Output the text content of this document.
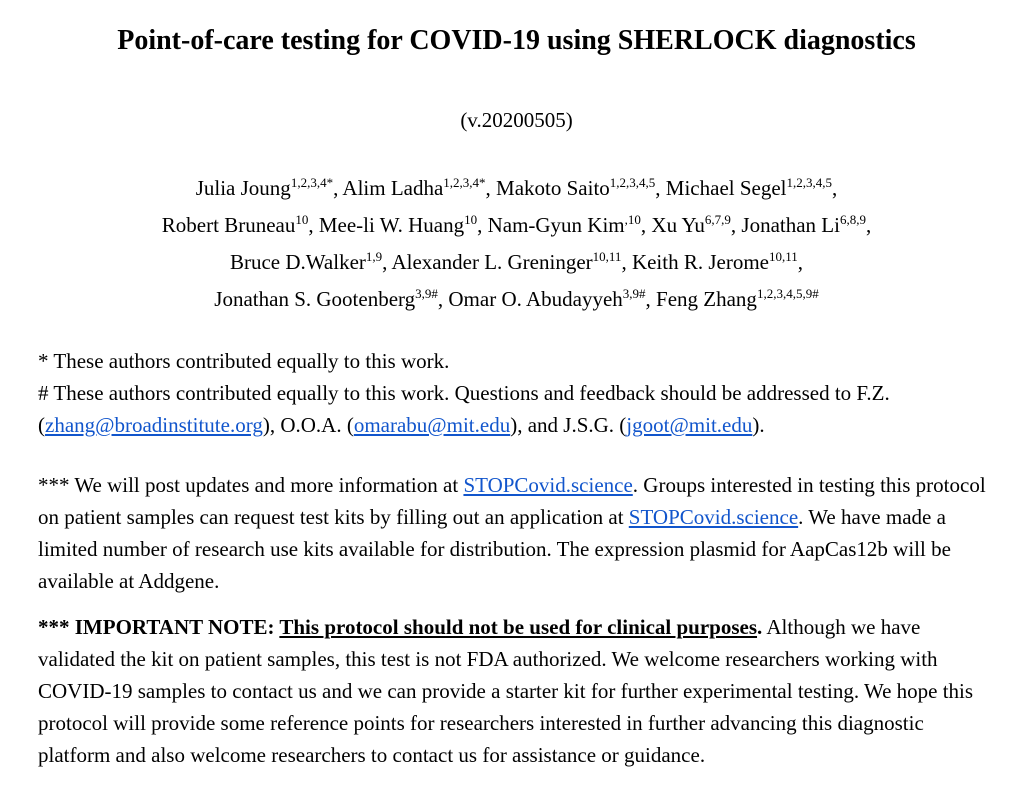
Point-of-care testing for COVID-19 using SHERLOCK diagnostics
(v.20200505)
Julia Joung$^{1,2,3,4*}$, Alim Ladha$^{1,2,3,4*}$, Makoto Saito$^{1,2,3,4,5}$, Michael Segel$^{1,2,3,4,5}$,
Robert Bruneau$^{10}$, Mee-li W. Huang$^{10}$, Nam-Gyun Kim$^{,10}$, Xu Yu$^{6,7,9}$, Jonathan Li$^{6,8,9}$,
Bruce D.Walker$^{1,9}$, Alexander L. Greninger$^{10,11}$, Keith R. Jerome$^{10,11}$,
Jonathan S. Gootenberg$^{3,9\#}$, Omar O. Abudayyeh$^{3,9\#}$, Feng Zhang$^{1,2,3,4,5,9\#}$

* These authors contributed equally to this work.

# These authors contributed equally to this work. Questions and feedback should be addressed to F.Z. (zhang@broadinstitute.org), O.O.A. (omarabu@mit.edu), and J.S.G. (jgoot@mit.edu).

*** We will post updates and more information at STOPCovid.science. Groups interested in testing this protocol on patient samples can request test kits by filling out an application at STOPCovid.science. We have made a limited number of research use kits available for distribution. The expression plasmid for AapCas12b will be available at Addgene.

*** IMPORTANT NOTE: This protocol should not be used for clinical purposes. Although we have validated the kit on patient samples, this test is not FDA authorized. We welcome researchers working with COVID-19 samples to contact us and we can provide a starter kit for further experimental testing. We hope this protocol will provide some reference points for researchers interested in further advancing this diagnostic platform and also welcome researchers to contact us for assistance or guidance.
